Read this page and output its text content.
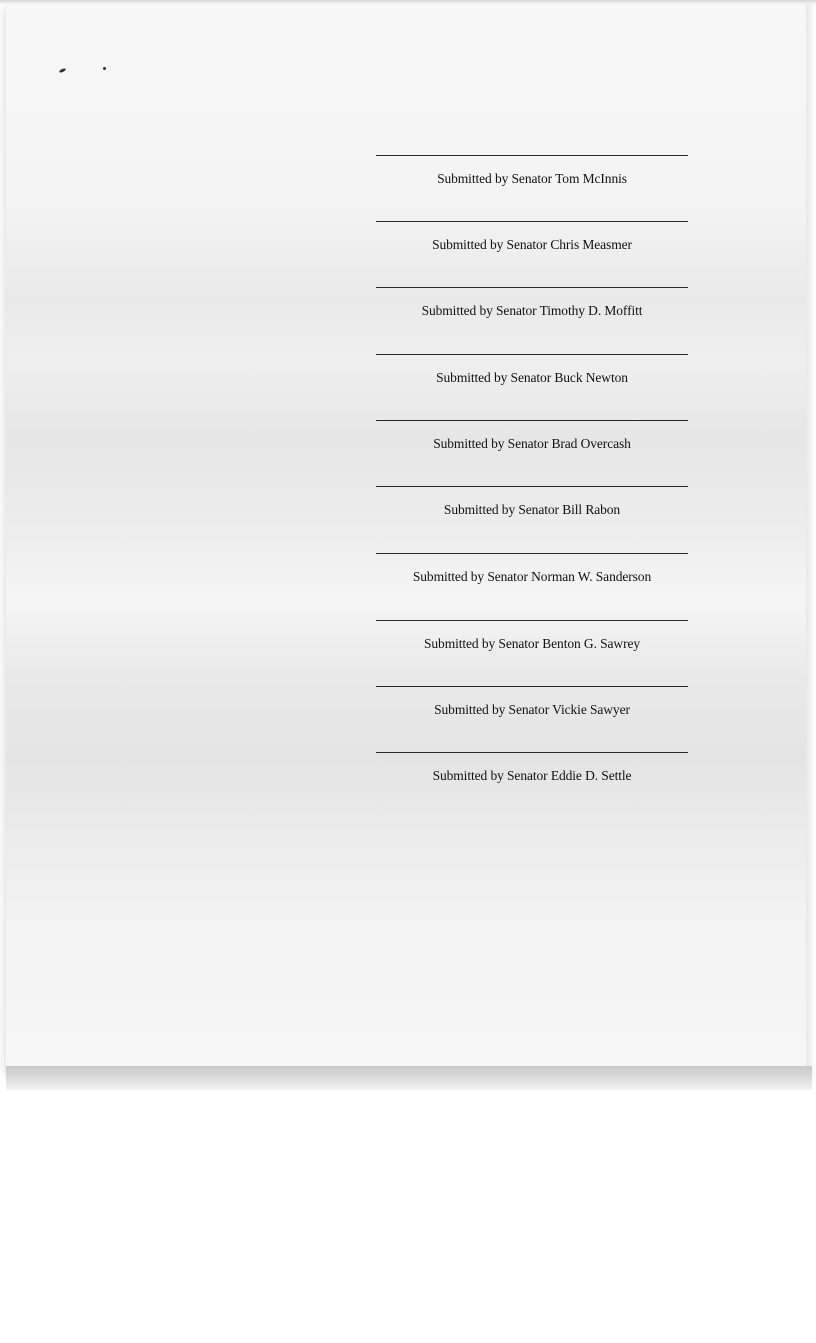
Submitted by Senator Tom McInnis
Submitted by Senator Chris Measmer
Submitted by Senator Timothy D. Moffitt
Submitted by Senator Buck Newton
Submitted by Senator Brad Overcash
Submitted by Senator Bill Rabon
Submitted by Senator Norman W. Sanderson
Submitted by Senator Benton G. Sawrey
Submitted by Senator Vickie Sawyer
Submitted by Senator Eddie D. Settle
